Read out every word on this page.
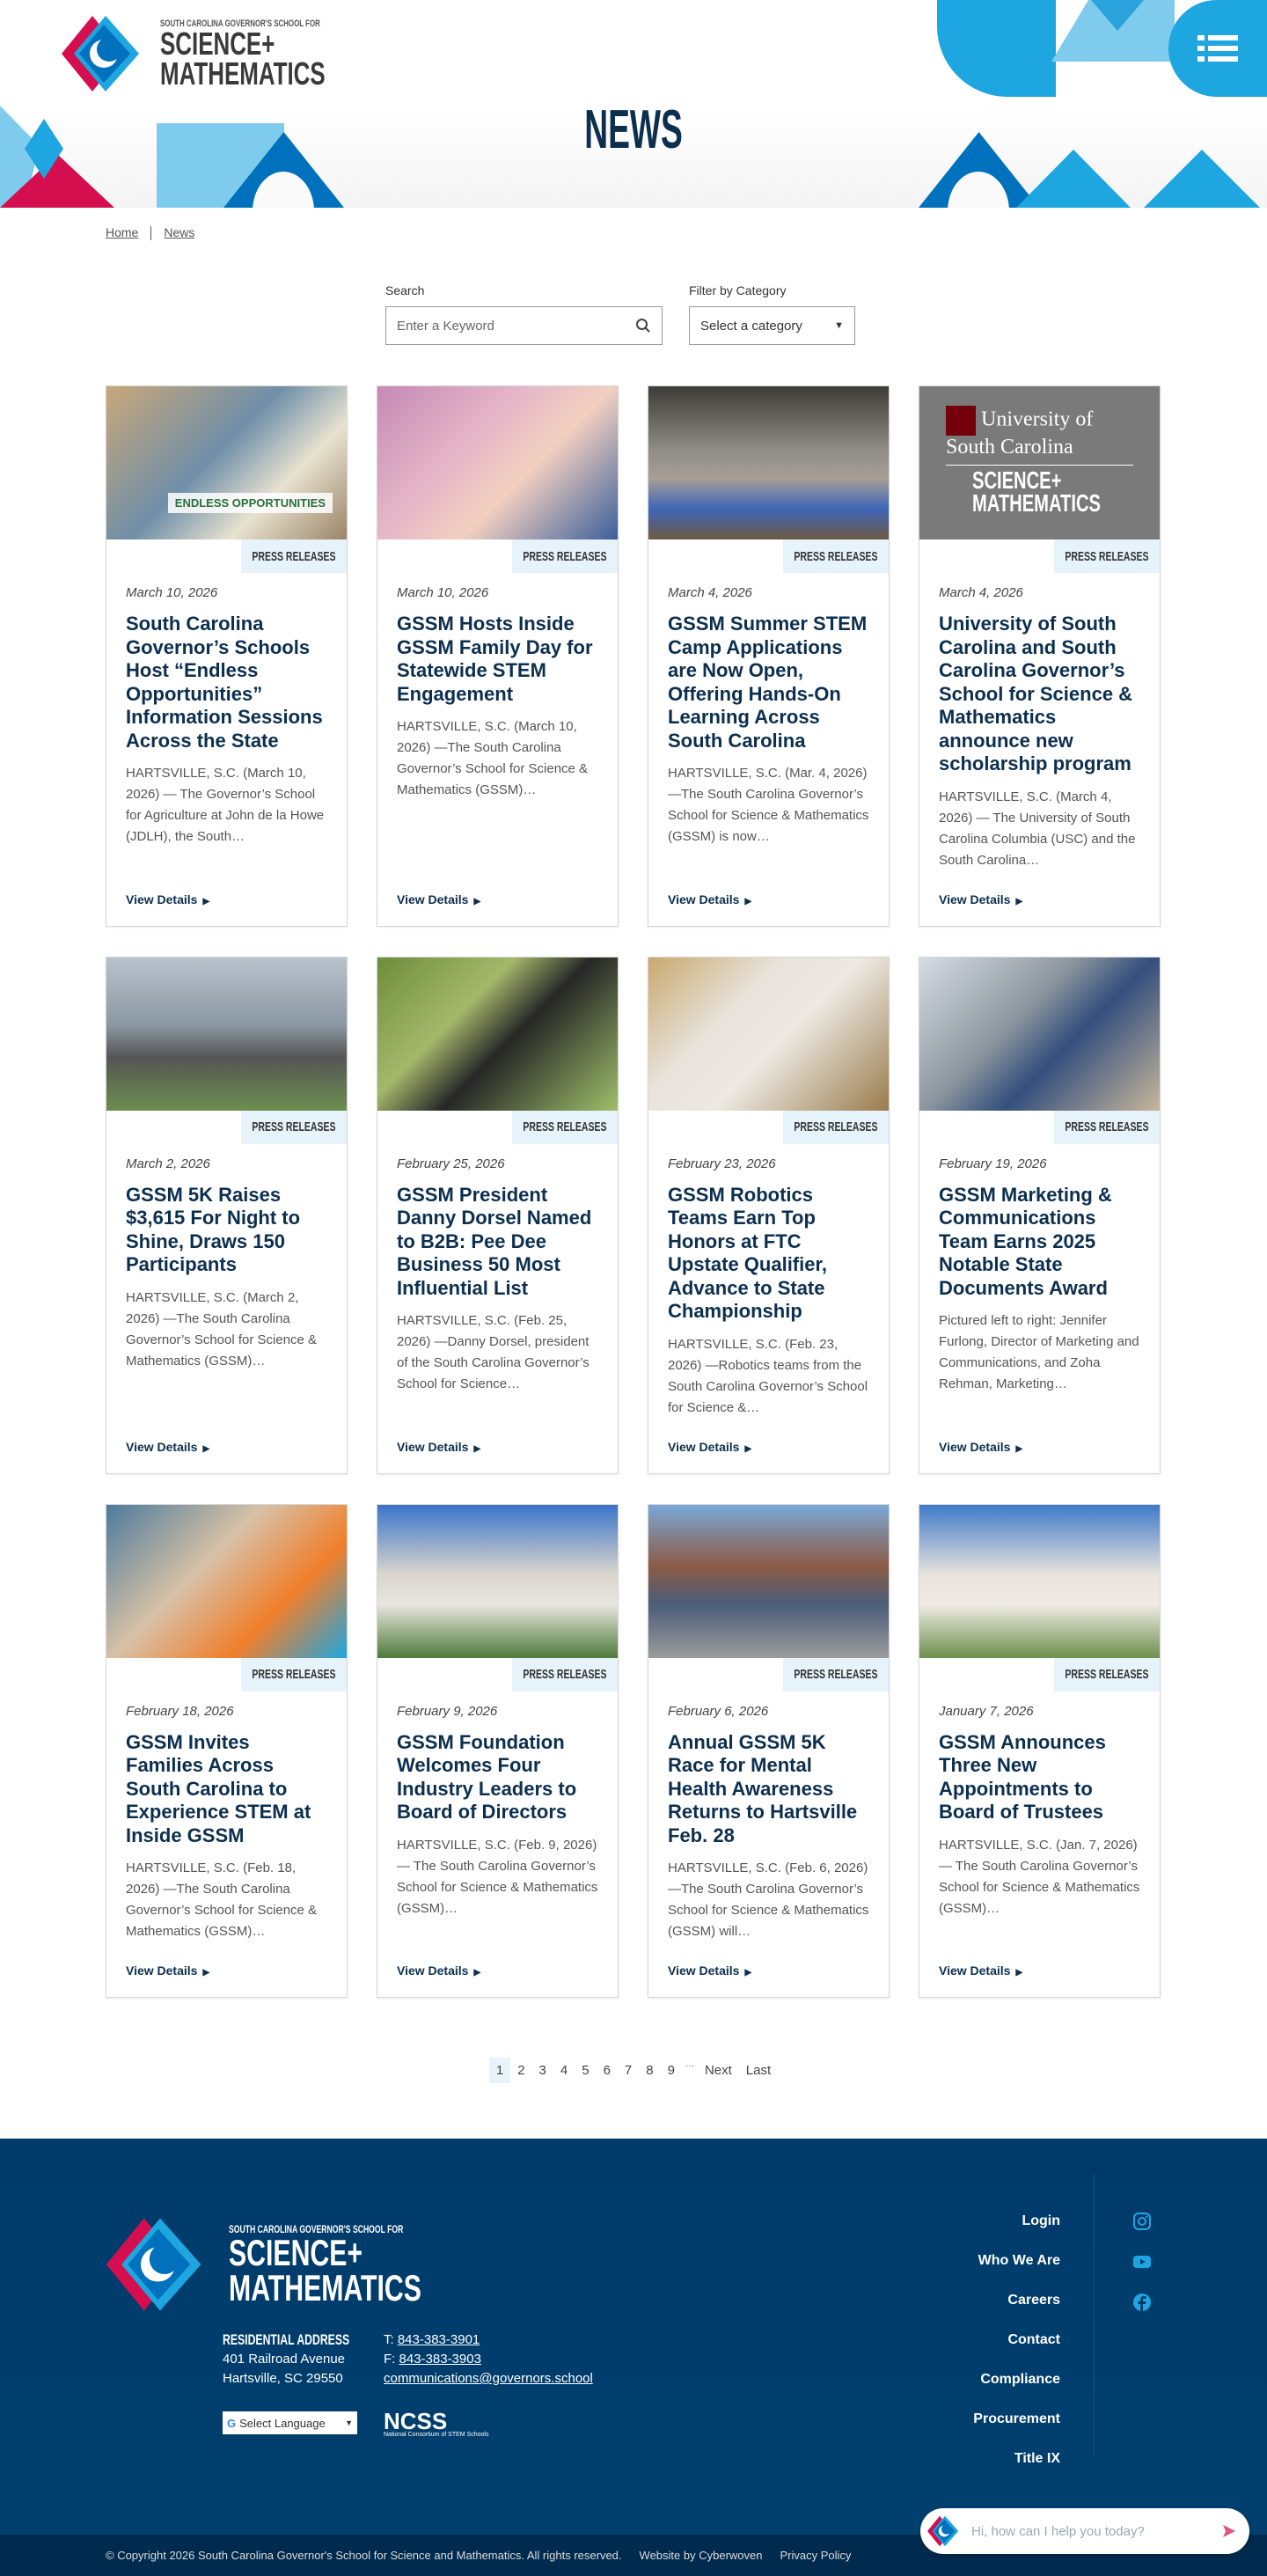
SOUTH CAROLINA GOVERNOR'S SCHOOL FOR
SCIENCE+
MATHEMATICS
NEWS
Home News
Search
Enter a Keyword	Filter by Category
Select a category	▼
ENDLESS OPPORTUNITIES
PRESS RELEASES
March 10, 2026
South Carolina Governor’s Schools Host “Endless Opportunities” Information Sessions Across the State

HARTSVILLE, S.C. (March 10, 2026) — The Governor’s School for Agriculture at John de la Howe (JDLH), the South…

View Details ▶
PRESS RELEASES
March 10, 2026
GSSM Hosts Inside GSSM Family Day for Statewide STEM Engagement

HARTSVILLE, S.C. (March 10, 2026) —The South Carolina Governor’s School for Science & Mathematics (GSSM)…

View Details ▶
PRESS RELEASES
March 4, 2026
GSSM Summer STEM Camp Applications are Now Open, Offering Hands-On Learning Across South Carolina

HARTSVILLE, S.C. (Mar. 4, 2026) —The South Carolina Governor’s School for Science & Mathematics (GSSM) is now…

View Details ▶
University of South Carolina
SCIENCE+
MATHEMATICS
PRESS RELEASES
March 4, 2026
University of South Carolina and South Carolina Governor’s School for Science & Mathematics announce new scholarship program

HARTSVILLE, S.C. (March 4, 2026) — The University of South Carolina Columbia (USC) and the South Carolina…

View Details ▶
PRESS RELEASES
March 2, 2026
GSSM 5K Raises $3,615 For Night to Shine, Draws 150 Participants

HARTSVILLE, S.C. (March 2, 2026) —The South Carolina Governor’s School for Science & Mathematics (GSSM)…

View Details ▶
PRESS RELEASES
February 25, 2026
GSSM President Danny Dorsel Named to B2B: Pee Dee Business 50 Most Influential List

HARTSVILLE, S.C. (Feb. 25, 2026) —Danny Dorsel, president of the South Carolina Governor’s School for Science…

View Details ▶
PRESS RELEASES
February 23, 2026
GSSM Robotics Teams Earn Top Honors at FTC Upstate Qualifier, Advance to State Championship

HARTSVILLE, S.C. (Feb. 23, 2026) —Robotics teams from the South Carolina Governor’s School for Science &…

View Details ▶
PRESS RELEASES
February 19, 2026
GSSM Marketing & Communications Team Earns 2025 Notable State Documents Award

Pictured left to right: Jennifer Furlong, Director of Marketing and Communications, and Zoha Rehman, Marketing…

View Details ▶
PRESS RELEASES
February 18, 2026
GSSM Invites Families Across South Carolina to Experience STEM at Inside GSSM

HARTSVILLE, S.C. (Feb. 18, 2026) —The South Carolina Governor’s School for Science & Mathematics (GSSM)…

View Details ▶
PRESS RELEASES
February 9, 2026
GSSM Foundation Welcomes Four Industry Leaders to Board of Directors

HARTSVILLE, S.C. (Feb. 9, 2026) — The South Carolina Governor’s School for Science & Mathematics (GSSM)…

View Details ▶
PRESS RELEASES
February 6, 2026
Annual GSSM 5K Race for Mental Health Awareness Returns to Hartsville Feb. 28

HARTSVILLE, S.C. (Feb. 6, 2026) —The South Carolina Governor’s School for Science & Mathematics (GSSM) will…

View Details ▶
PRESS RELEASES
January 7, 2026
GSSM Announces Three New Appointments to Board of Trustees

HARTSVILLE, S.C. (Jan. 7, 2026) — The South Carolina Governor’s School for Science & Mathematics (GSSM)…

View Details ▶
1	2	3	4	5	6	7	8	9	… Next	Last
SOUTH CAROLINA GOVERNOR'S SCHOOL FOR
SCIENCE+
MATHEMATICS
RESIDENTIAL ADDRESS
401 Railroad Avenue
Hartsville, SC 29550
T: 843-383-3901
F: 843-383-3903
communications@governors.school
G Select Language ▼ NCSS
National Consortium of STEM Schools
Login
Who We Are
Careers
Contact
Compliance
Procurement
Title IX
© Copyright 2026 South Carolina Governor's School for Science and Mathematics. All rights reserved. Website by Cyberwoven Privacy Policy
Hi, how can I help you today?
